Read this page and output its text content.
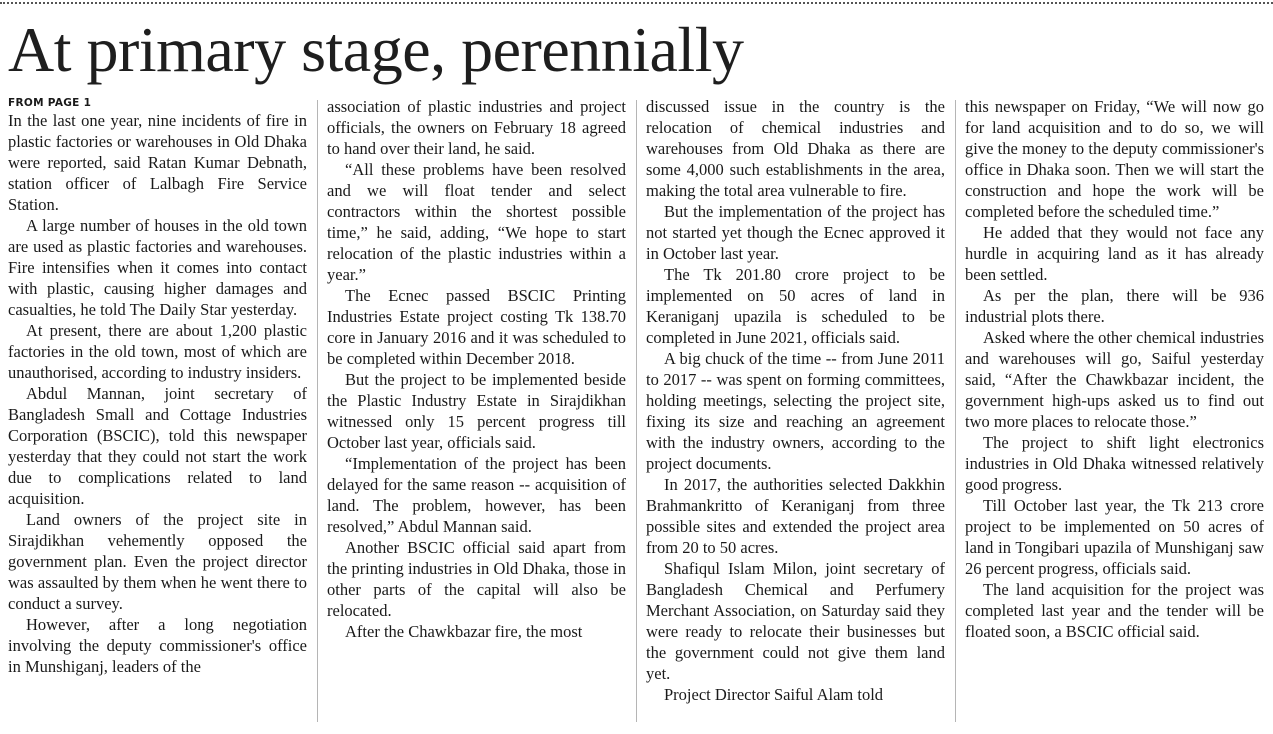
At primary stage, perennially
FROM PAGE 1

In the last one year, nine incidents of fire in plastic factories or warehouses in Old Dhaka were reported, said Ratan Kumar Debnath, station officer of Lalbagh Fire Service Station.

A large number of houses in the old town are used as plastic factories and warehouses. Fire intensifies when it comes into contact with plastic, causing higher damages and casualties, he told The Daily Star yesterday.

At present, there are about 1,200 plastic factories in the old town, most of which are unauthorised, according to industry insiders.

Abdul Mannan, joint secretary of Bangladesh Small and Cottage Industries Corporation (BSCIC), told this newspaper yesterday that they could not start the work due to complications related to land acquisition.

Land owners of the project site in Sirajdikhan vehemently opposed the government plan. Even the project director was assaulted by them when he went there to conduct a survey.

However, after a long negotiation involving the deputy commissioner's office in Munshiganj, leaders of the

association of plastic industries and project officials, the owners on February 18 agreed to hand over their land, he said.

“All these problems have been resolved and we will float tender and select contractors within the shortest possible time,” he said, adding, “We hope to start relocation of the plastic industries within a year.”

The Ecnec passed BSCIC Printing Industries Estate project costing Tk 138.70 core in January 2016 and it was scheduled to be completed within December 2018.

But the project to be implemented beside the Plastic Industry Estate in Sirajdikhan witnessed only 15 percent progress till October last year, officials said.

“Implementation of the project has been delayed for the same reason -- acquisition of land. The problem, however, has been resolved,” Abdul Mannan said.

Another BSCIC official said apart from the printing industries in Old Dhaka, those in other parts of the capital will also be relocated.

After the Chawkbazar fire, the most

discussed issue in the country is the relocation of chemical industries and warehouses from Old Dhaka as there are some 4,000 such establishments in the area, making the total area vulnerable to fire.

But the implementation of the project has not started yet though the Ecnec approved it in October last year.

The Tk 201.80 crore project to be implemented on 50 acres of land in Keraniganj upazila is scheduled to be completed in June 2021, officials said.

A big chuck of the time -- from June 2011 to 2017 -- was spent on forming committees, holding meetings, selecting the project site, fixing its size and reaching an agreement with the industry owners, according to the project documents.

In 2017, the authorities selected Dakkhin Brahmankritto of Keraniganj from three possible sites and extended the project area from 20 to 50 acres.

Shafiqul Islam Milon, joint secretary of Bangladesh Chemical and Perfumery Merchant Association, on Saturday said they were ready to relocate their businesses but the government could not give them land yet.

Project Director Saiful Alam told

this newspaper on Friday, “We will now go for land acquisition and to do so, we will give the money to the deputy commissioner's office in Dhaka soon. Then we will start the construction and hope the work will be completed before the scheduled time.”

He added that they would not face any hurdle in acquiring land as it has already been settled.

As per the plan, there will be 936 industrial plots there.

Asked where the other chemical industries and warehouses will go, Saiful yesterday said, “After the Chawkbazar incident, the government high-ups asked us to find out two more places to relocate those.”

The project to shift light electronics industries in Old Dhaka witnessed relatively good progress.

Till October last year, the Tk 213 crore project to be implemented on 50 acres of land in Tongibari upazila of Munshiganj saw 26 percent progress, officials said.

The land acquisition for the project was completed last year and the tender will be floated soon, a BSCIC official said.
